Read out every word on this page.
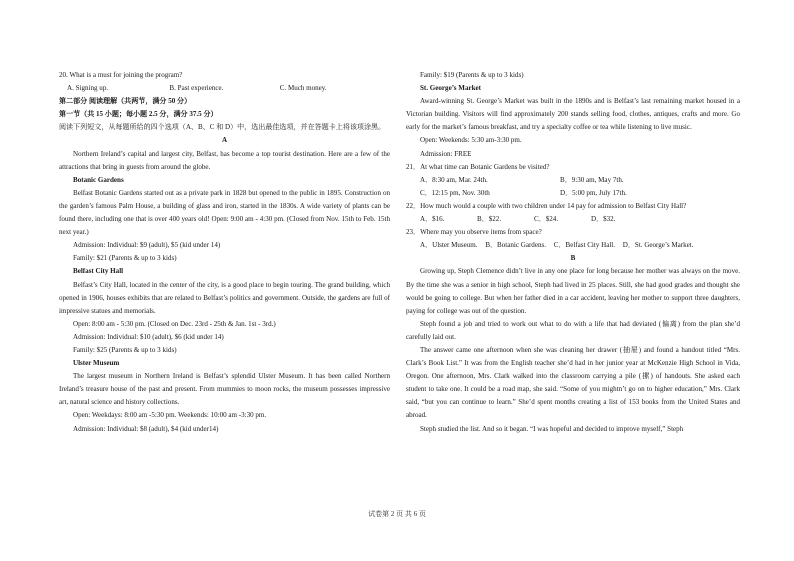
20. What is a must for joining the program?

A. Signing up.	B. Past experience.	C. Much money.

第二部分 阅读理解（共两节，满分 50 分）

第一节（共 15 小题；每小题 2.5 分，满分 37.5 分）

阅读下列短文，从每题所给的四个选项（A、B、C 和 D）中，选出最佳选项，并在答题卡上将该项涂黑。

A

Northern Ireland’s capital and largest city, Belfast, has become a top tourist destination. Here are a few of the attractions that bring in guests from around the globe.

Botanic Gardens

Belfast Botanic Gardens started out as a private park in 1828 but opened to the public in 1895. Construction on the garden’s famous Palm House, a building of glass and iron, started in the 1830s. A wide variety of plants can be found there, including one that is over 400 years old! Open: 9:00 am - 4:30 pm. (Closed from Nov. 15th to Feb. 15th next year.)

Admission: Individual: $9 (adult), $5 (kid under 14)

Family: $21 (Parents & up to 3 kids)

Belfast City Hall

Belfast’s City Hall, located in the center of the city, is a good place to begin touring. The grand building, which opened in 1906, houses exhibits that are related to Belfast’s politics and government. Outside, the gardens are full of impressive statues and memorials.

Open: 8:00 am - 5:30 pm. (Closed on Dec. 23rd - 25th & Jan. 1st - 3rd.)

Admission: Individual: $10 (adult), $6 (kid under 14)

Family: $25 (Parents & up to 3 kids)

Ulster Museum

The largest museum in Northern Ireland is Belfast’s splendid Ulster Museum. It has been called Northern Ireland’s treasure house of the past and present. From mummies to moon rocks, the museum possesses impressive art, natural science and history collections.

Open: Weekdays: 8:00 am -5:30 pm. Weekends: 10:00 am -3:30 pm.

Admission: Individual: $8 (adult), $4 (kid under14)

Family: $19 (Parents & up to 3 kids)

St. George’s Market

Award-winning St. George’s Market was built in the 1890s and is Belfast’s last remaining market housed in a Victorian building. Visitors will find approximately 200 stands selling food, clothes, antiques, crafts and more. Go early for the market’s famous breakfast, and try a specialty coffee or tea while listening to live music.

Open: Weekends: 5:30 am-3:30 pm.

Admission: FREE

21．At what time can Botanic Gardens be visited?

A．8:30 am, Mar. 24th.	B．9:30 am, May 7th.
C．12:15 pm, Nov. 30th	D．5:00 pm, July 17th.

22．How much would a couple with two children under 14 pay for admission to Belfast City Hall?

A．$16.	B．$22.	C．$24.	D．$32.

23．Where may you observe items from space?

A．Ulster Museum. B．Botanic Gardens. C．Belfast City Hall. D．St. George’s Market.

B

Growing up, Steph Clemence didn’t live in any one place for long because her mother was always on the move. By the time she was a senior in high school, Steph had lived in 25 places. Still, she had good grades and thought she would be going to college. But when her father died in a car accident, leaving her mother to support three daughters, paying for college was out of the question.

Steph found a job and tried to work out what to do with a life that had deviated (偏离) from the plan she’d carefully laid out.

The answer came one afternoon when she was cleaning her drawer (抽屉) and found a handout titled “Mrs. Clark’s Book List.” It was from the English teacher she’d had in her junior year at McKenzie High School in Vida, Oregon. One afternoon, Mrs. Clark walked into the classroom carrying a pile (摞) of handouts. She asked each student to take one. It could be a road map, she said. “Some of you mightn’t go on to higher education,” Mrs. Clark said, “but you can continue to learn.” She’d spent months creating a list of 153 books from the United States and abroad.

Steph studied the list. And so it began. “I was hopeful and decided to improve myself,” Steph

试卷第 2 页 共 6 页
